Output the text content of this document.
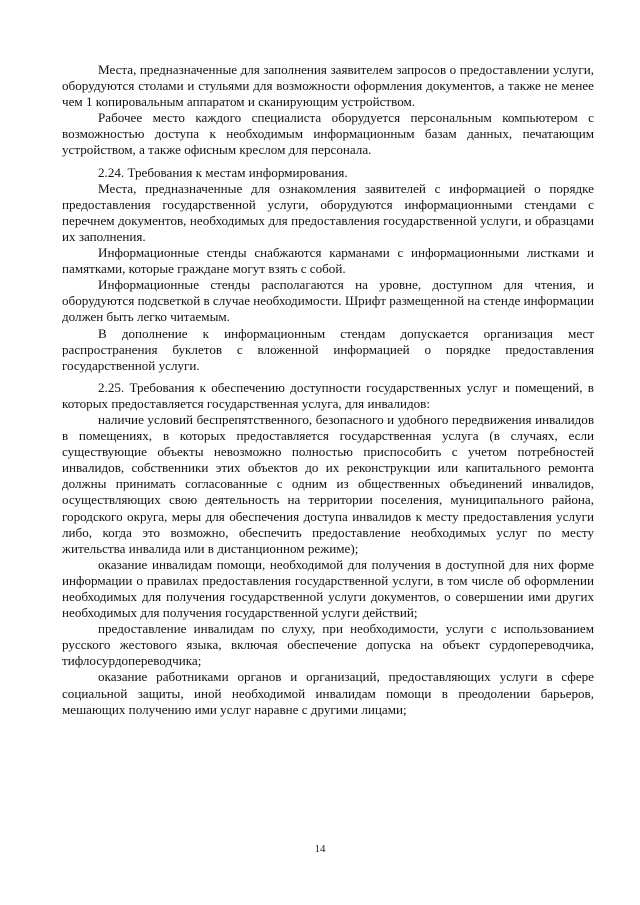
Места, предназначенные для заполнения заявителем запросов о предоставлении услуги, оборудуются столами и стульями для возможности оформления документов, а также не менее чем 1 копировальным аппаратом и сканирующим устройством.

Рабочее место каждого специалиста оборудуется персональным компьютером с возможностью доступа к необходимым информационным базам данных, печатающим устройством, а также офисным креслом для персонала.

2.24. Требования к местам информирования.

Места, предназначенные для ознакомления заявителей с информацией о порядке предоставления государственной услуги, оборудуются информационными стендами с перечнем документов, необходимых для предоставления государственной услуги, и образцами их заполнения.

Информационные стенды снабжаются карманами с информационными листками и памятками, которые граждане могут взять с собой.

Информационные стенды располагаются на уровне, доступном для чтения, и оборудуются подсветкой в случае необходимости. Шрифт размещенной на стенде информации должен быть легко читаемым.

В дополнение к информационным стендам допускается организация мест распространения буклетов с вложенной информацией о порядке предоставления государственной услуги.

2.25. Требования к обеспечению доступности государственных услуг и помещений, в которых предоставляется государственная услуга, для инвалидов:

наличие условий беспрепятственного, безопасного и удобного передвижения инвалидов в помещениях, в которых предоставляется государственная услуга (в случаях, если существующие объекты невозможно полностью приспособить с учетом потребностей инвалидов, собственники этих объектов до их реконструкции или капитального ремонта должны принимать согласованные с одним из общественных объединений инвалидов, осуществляющих свою деятельность на территории поселения, муниципального района, городского округа, меры для обеспечения доступа инвалидов к месту предоставления услуги либо, когда это возможно, обеспечить предоставление необходимых услуг по месту жительства инвалида или в дистанционном режиме);

оказание инвалидам помощи, необходимой для получения в доступной для них форме информации о правилах предоставления государственной услуги, в том числе об оформлении необходимых для получения государственной услуги документов, о совершении ими других необходимых для получения государственной услуги действий;

предоставление инвалидам по слуху, при необходимости, услуги с использованием русского жестового языка, включая обеспечение допуска на объект сурдопереводчика, тифлосурдопереводчика;

оказание работниками органов и организаций, предоставляющих услуги в сфере социальной защиты, иной необходимой инвалидам помощи в преодолении барьеров, мешающих получению ими услуг наравне с другими лицами;

14
